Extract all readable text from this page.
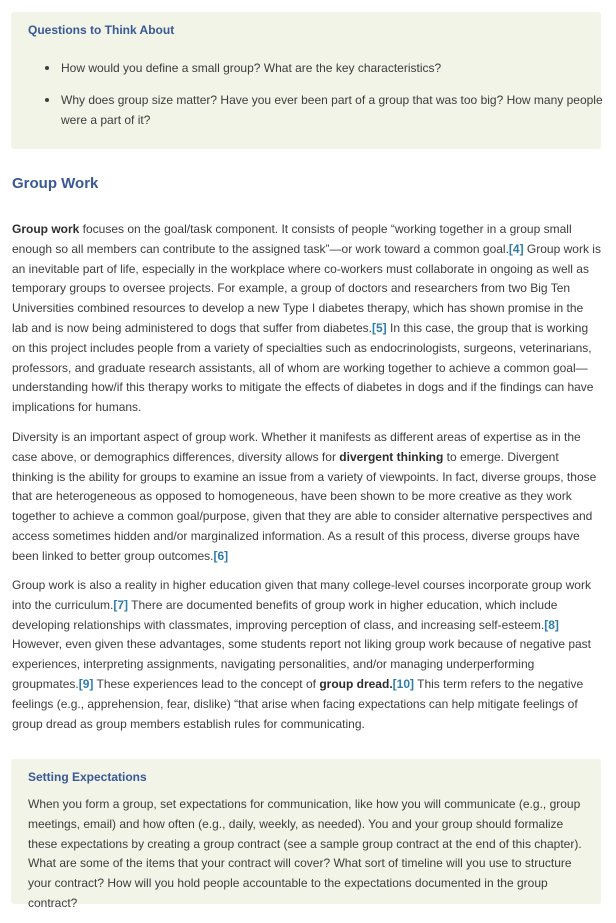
Questions to Think About
How would you define a small group? What are the key characteristics?
Why does group size matter? Have you ever been part of a group that was too big? How many people were a part of it?
Group Work

Group work focuses on the goal/task component. It consists of people “working together in a group small enough so all members can contribute to the assigned task”—or work toward a common goal.[4] Group work is an inevitable part of life, especially in the workplace where co-workers must collaborate in ongoing as well as temporary groups to oversee projects. For example, a group of doctors and researchers from two Big Ten Universities combined resources to develop a new Type I diabetes therapy, which has shown promise in the lab and is now being administered to dogs that suffer from diabetes.[5] In this case, the group that is working on this project includes people from a variety of specialties such as endocrinologists, surgeons, veterinarians, professors, and graduate research assistants, all of whom are working together to achieve a common goal—understanding how/if this therapy works to mitigate the effects of diabetes in dogs and if the findings can have implications for humans.

Diversity is an important aspect of group work. Whether it manifests as different areas of expertise as in the case above, or demographics differences, diversity allows for divergent thinking to emerge. Divergent thinking is the ability for groups to examine an issue from a variety of viewpoints. In fact, diverse groups, those that are heterogeneous as opposed to homogeneous, have been shown to be more creative as they work together to achieve a common goal/purpose, given that they are able to consider alternative perspectives and access sometimes hidden and/or marginalized information. As a result of this process, diverse groups have been linked to better group outcomes.[6]

Group work is also a reality in higher education given that many college-level courses incorporate group work into the curriculum.[7] There are documented benefits of group work in higher education, which include developing relationships with classmates, improving perception of class, and increasing self-esteem.[8] However, even given these advantages, some students report not liking group work because of negative past experiences, interpreting assignments, navigating personalities, and/or managing underperforming groupmates.[9] These experiences lead to the concept of group dread.[10] This term refers to the negative feelings (e.g., apprehension, fear, dislike) “that arise when facing expectations can help mitigate feelings of group dread as group members establish rules for communicating.

Setting Expectations

When you form a group, set expectations for communication, like how you will communicate (e.g., group meetings, email) and how often (e.g., daily, weekly, as needed). You and your group should formalize these expectations by creating a group contract (see a sample group contract at the end of this chapter). What are some of the items that your contract will cover? What sort of timeline will you use to structure your contract? How will you hold people accountable to the expectations documented in the group contract?
